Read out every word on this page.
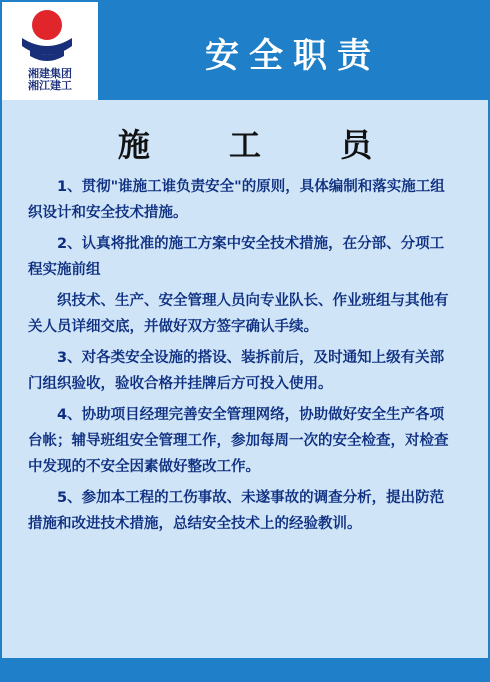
湘建集团
湘江建工
安全职责
施 工 员

1、贯彻"谁施工谁负责安全"的原则，具体编制和落实施工组织设计和安全技术措施。

2、认真将批准的施工方案中安全技术措施，在分部、分项工程实施前组

织技术、生产、安全管理人员向专业队长、作业班组与其他有关人员详细交底，并做好双方签字确认手续。

3、对各类安全设施的搭设、装拆前后，及时通知上级有关部门组织验收，验收合格并挂牌后方可投入使用。

4、协助项目经理完善安全管理网络，协助做好安全生产各项台帐；辅导班组安全管理工作，参加每周一次的安全检查，对检查中发现的不安全因素做好整改工作。

5、参加本工程的工伤事故、未遂事故的调查分析，提出防范措施和改进技术措施，总结安全技术上的经验教训。
